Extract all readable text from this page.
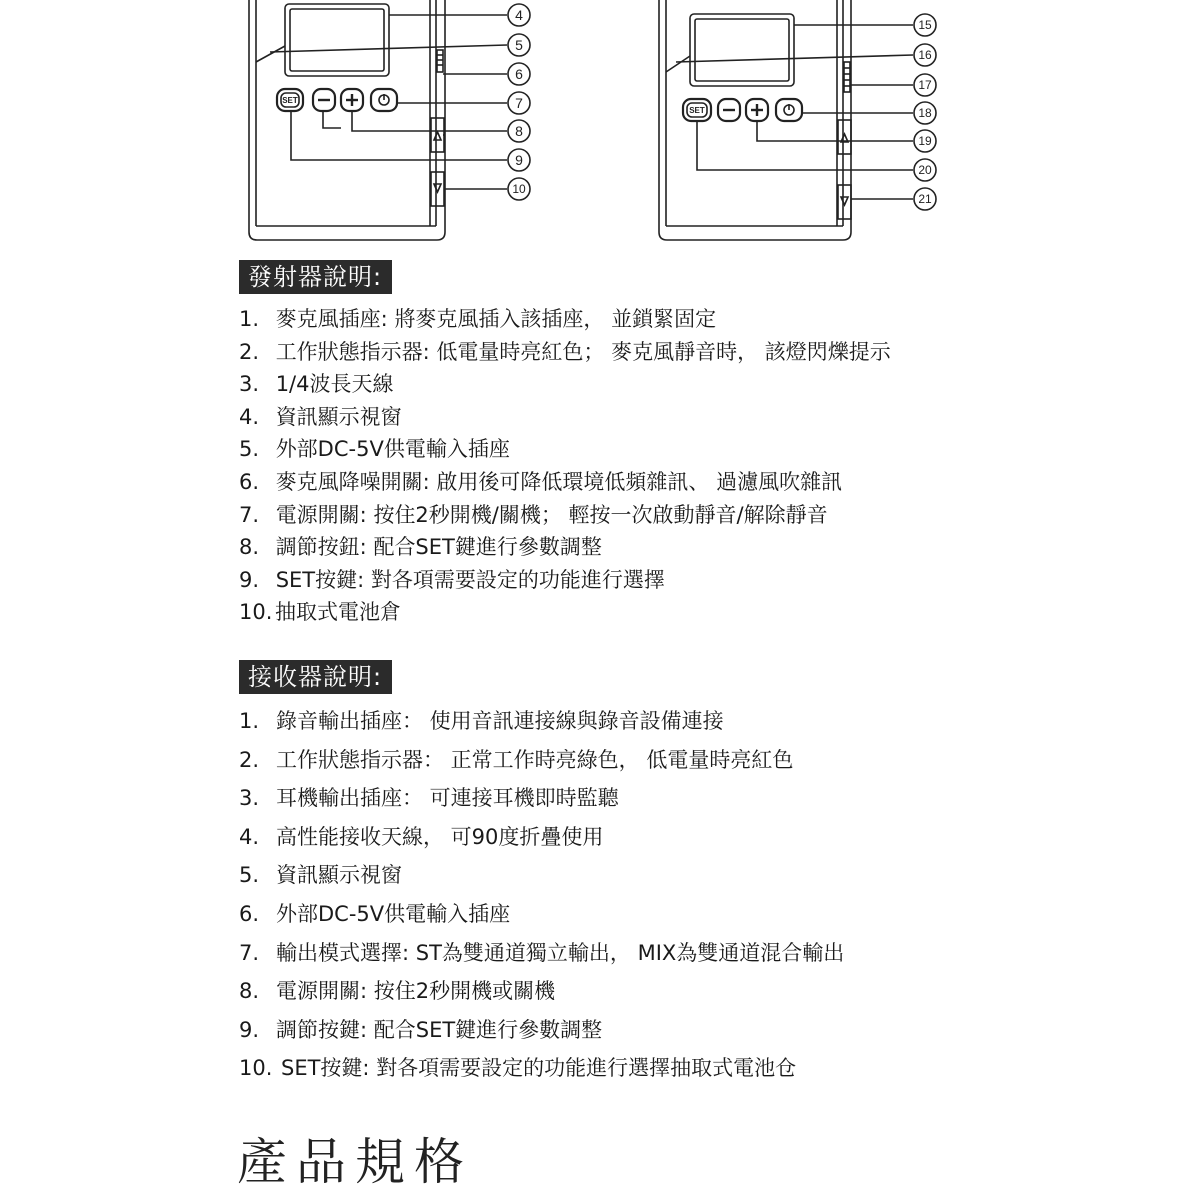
SET
SET
4
5
6
7
8
9
10
15
16
17
18
19
20
21
發射器說明:
1. 麥克風插座: 將麥克風插入該插座， 並鎖緊固定
2. 工作狀態指示器: 低電量時亮紅色； 麥克風靜音時， 該燈閃爍提示
3. 1/4波長天線
4. 資訊顯示視窗
5. 外部DC-5V供電輸入插座
6. 麥克風降噪開關: 啟用後可降低環境低頻雜訊、 過濾風吹雜訊
7. 電源開關: 按住2秒開機/關機； 輕按一次啟動靜音/解除靜音
8. 調節按鈕: 配合SET鍵進行參數調整
9. SET按鍵: 對各項需要設定的功能進行選擇
10. 抽取式電池倉
接收器說明:
1. 錄音輸出插座： 使用音訊連接線與錄音設備連接
2. 工作狀態指示器： 正常工作時亮綠色， 低電量時亮紅色
3. 耳機輸出插座： 可連接耳機即時監聽
4. 高性能接收天線， 可90度折疊使用
5. 資訊顯示視窗
6. 外部DC-5V供電輸入插座
7. 輸出模式選擇: ST為雙通道獨立輸出， MIX為雙通道混合輸出
8. 電源開關: 按住2秒開機或關機
9. 調節按鍵: 配合SET鍵進行參數調整
10. SET按鍵: 對各項需要設定的功能進行選擇抽取式電池仓
產品規格
